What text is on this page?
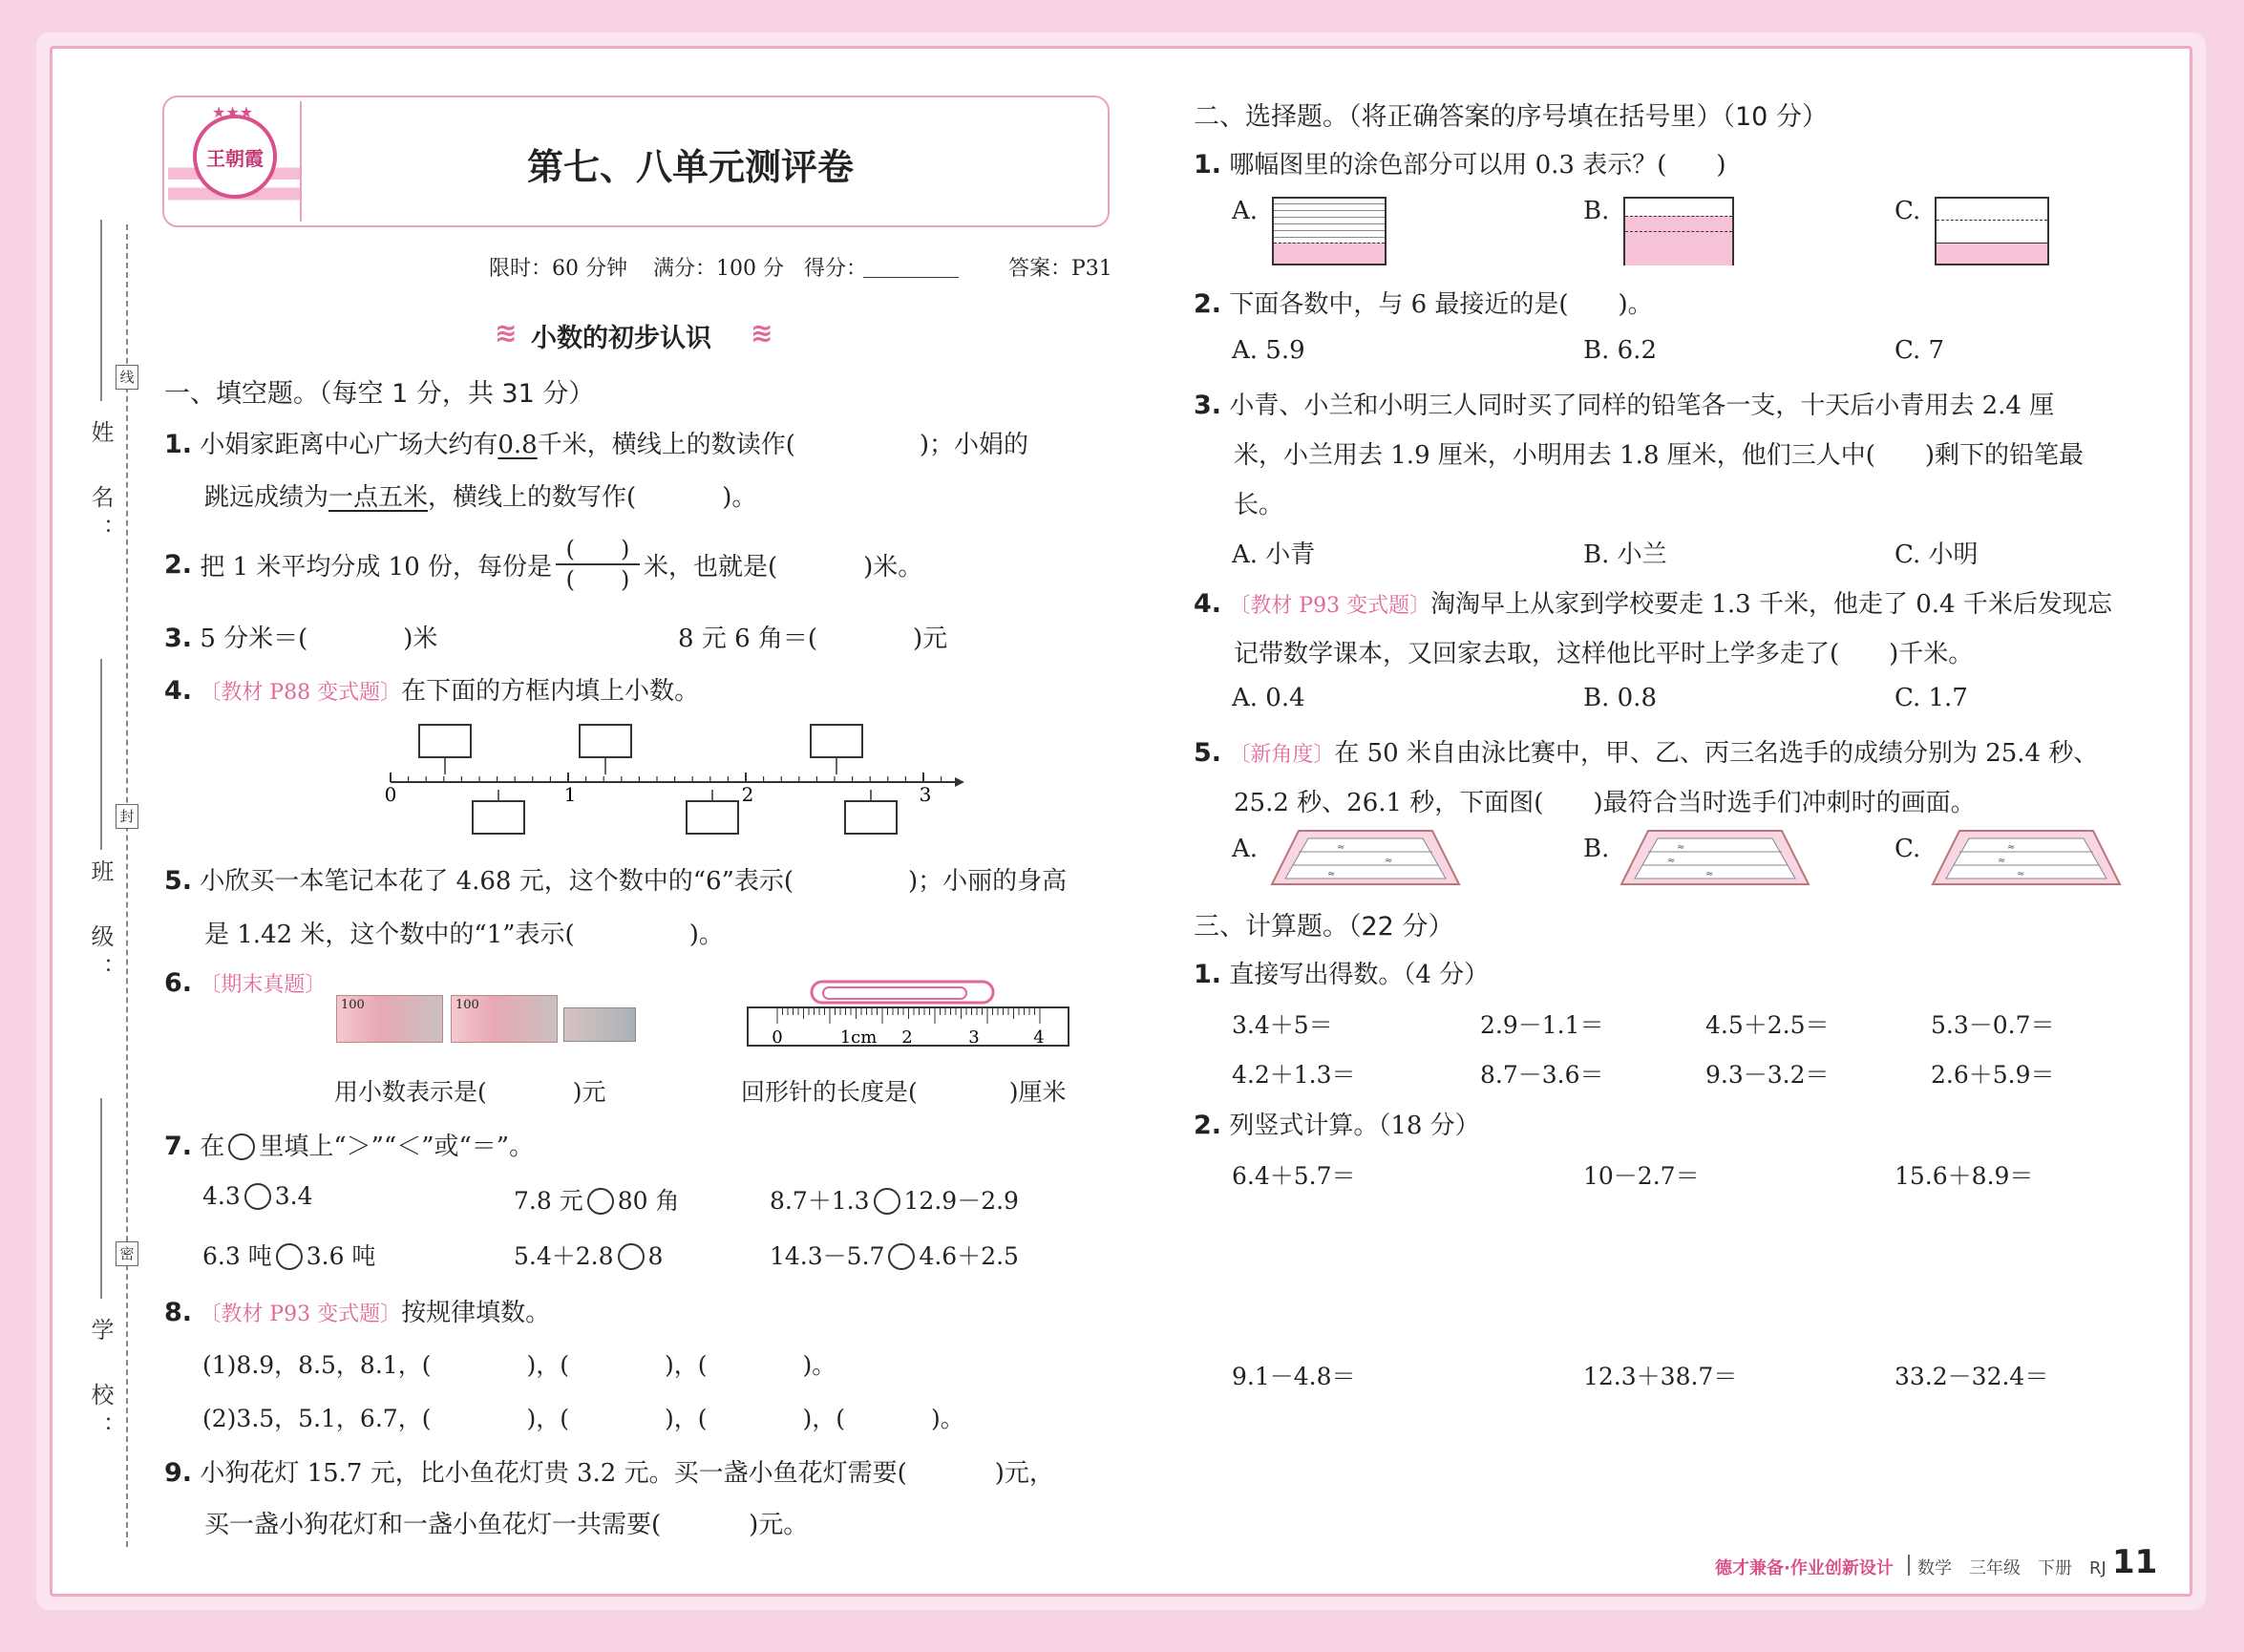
姓　名：
班　级：
学　校：
线
封
密
王朝霞
★★★
第七、八单元测评卷
限时：60 分钟 满分：100 分 得分：	答案：P31
≋ 小数的初步认识 ≋
一、填空题。（每空 1 分，共 31 分）
1. 小娟家距离中心广场大约有0.8千米，横线上的数读作(	)；小娟的
跳远成绩为一点五米，横线上的数写作(	)。
2.
把 1 米平均分成 10 份，每份是 $\frac{( )}{( )}$ 米，也就是(	)米。
3. 5 分米＝(	)米	8 元 6 角＝(	)元
4. 〔教材 P88 变式题〕在下面的方框内填上小数。
0	1	2	3
5. 小欣买一本笔记本花了 4.68 元，这个数中的“6”表示(	)；小丽的身高
是 1.42 米，这个数中的“1”表示(	)。
6. 〔期末真题〕
100	100
0	1cm 2	3	4
用小数表示是(	)元	回形针的长度是(	)厘米
7. 在 里填上“＞”“＜”或“＝”。
4.3 3.4	7.8 元 80 角	8.7＋1.3 12.9－2.9
6.3 吨 3.6 吨	5.4＋2.8 8	14.3－5.7 4.6＋2.5
8. 〔教材 P93 变式题〕按规律填数。
(1)8.9，8.5，8.1，(	)，(	)，(	)。
(2)3.5，5.1，6.7，(	)，(	)，(	)，(	)。
9. 小狗花灯 15.7 元，比小鱼花灯贵 3.2 元。买一盏小鱼花灯需要(	)元，
买一盏小狗花灯和一盏小鱼花灯一共需要(	)元。
二、选择题。（将正确答案的序号填在括号里）（10 分）
1. 哪幅图里的涂色部分可以用 0.3 表示？(　　)
A.	B.	C.
2. 下面各数中，与 6 最接近的是(　　)。
A. 5.9	B. 6.2	C. 7
3. 小青、小兰和小明三人同时买了同样的铅笔各一支，十天后小青用去 2.4 厘
米，小兰用去 1.9 厘米，小明用去 1.8 厘米，他们三人中(　　)剩下的铅笔最
长。
A. 小青	B. 小兰	C. 小明
4. 〔教材 P93 变式题〕淘淘早上从家到学校要走 1.3 千米，他走了 0.4 千米后发现忘
记带数学课本，又回家去取，这样他比平时上学多走了(　　)千米。
A. 0.4	B. 0.8	C. 1.7
5. 〔新角度〕在 50 米自由泳比赛中，甲、乙、丙三名选手的成绩分别为 25.4 秒、
25.2 秒、26.1 秒，下面图(　　)最符合当时选手们冲刺时的画面。
A.	≈
≈
≈
B.	≈
≈
≈
C.	≈
≈
≈
三、计算题。（22 分）
1. 直接写出得数。（4 分）
3.4＋5＝	2.9－1.1＝	4.5＋2.5＝	5.3－0.7＝
4.2＋1.3＝	8.7－3.6＝	9.3－3.2＝	2.6＋5.9＝
2. 列竖式计算。（18 分）
6.4＋5.7＝	10－2.7＝	15.6＋8.9＝
9.1－4.8＝	12.3＋38.7＝	33.2－32.4＝
德才兼备·作业创新设计 数学　三年级　下册　RJ 11
